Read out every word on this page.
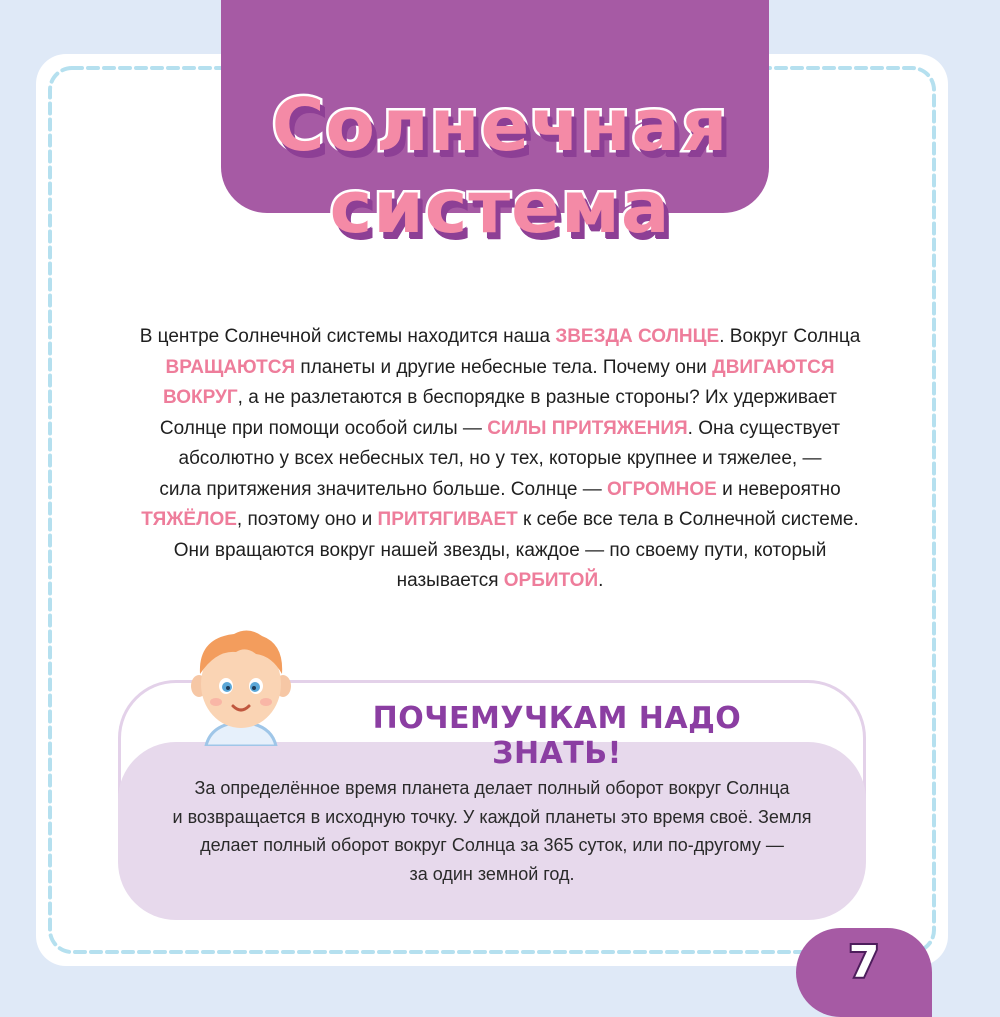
Солнечная
система
В центре Солнечной системы находится наша ЗВЕЗДА СОЛНЦЕ. Вокруг Солнца
ВРАЩАЮТСЯ планеты и другие небесные тела. Почему они ДВИГАЮТСЯ
ВОКРУГ, а не разлетаются в беспорядке в разные стороны? Их удерживает
Солнце при помощи особой силы — СИЛЫ ПРИТЯЖЕНИЯ. Она существует
абсолютно у всех небесных тел, но у тех, которые крупнее и тяжелее, —
сила притяжения значительно больше. Солнце — ОГРОМНОЕ и невероятно
ТЯЖЁЛОЕ, поэтому оно и ПРИТЯГИВАЕТ к себе все тела в Солнечной системе.
Они вращаются вокруг нашей звезды, каждое — по своему пути, который
называется ОРБИТОЙ.
ПОЧЕМУЧКАМ НАДО ЗНАТЬ!
За определённое время планета делает полный оборот вокруг Солнца
и возвращается в исходную точку. У каждой планеты это время своё. Земля
делает полный оборот вокруг Солнца за 365 суток, или по-другому —
за один земной год.
7
